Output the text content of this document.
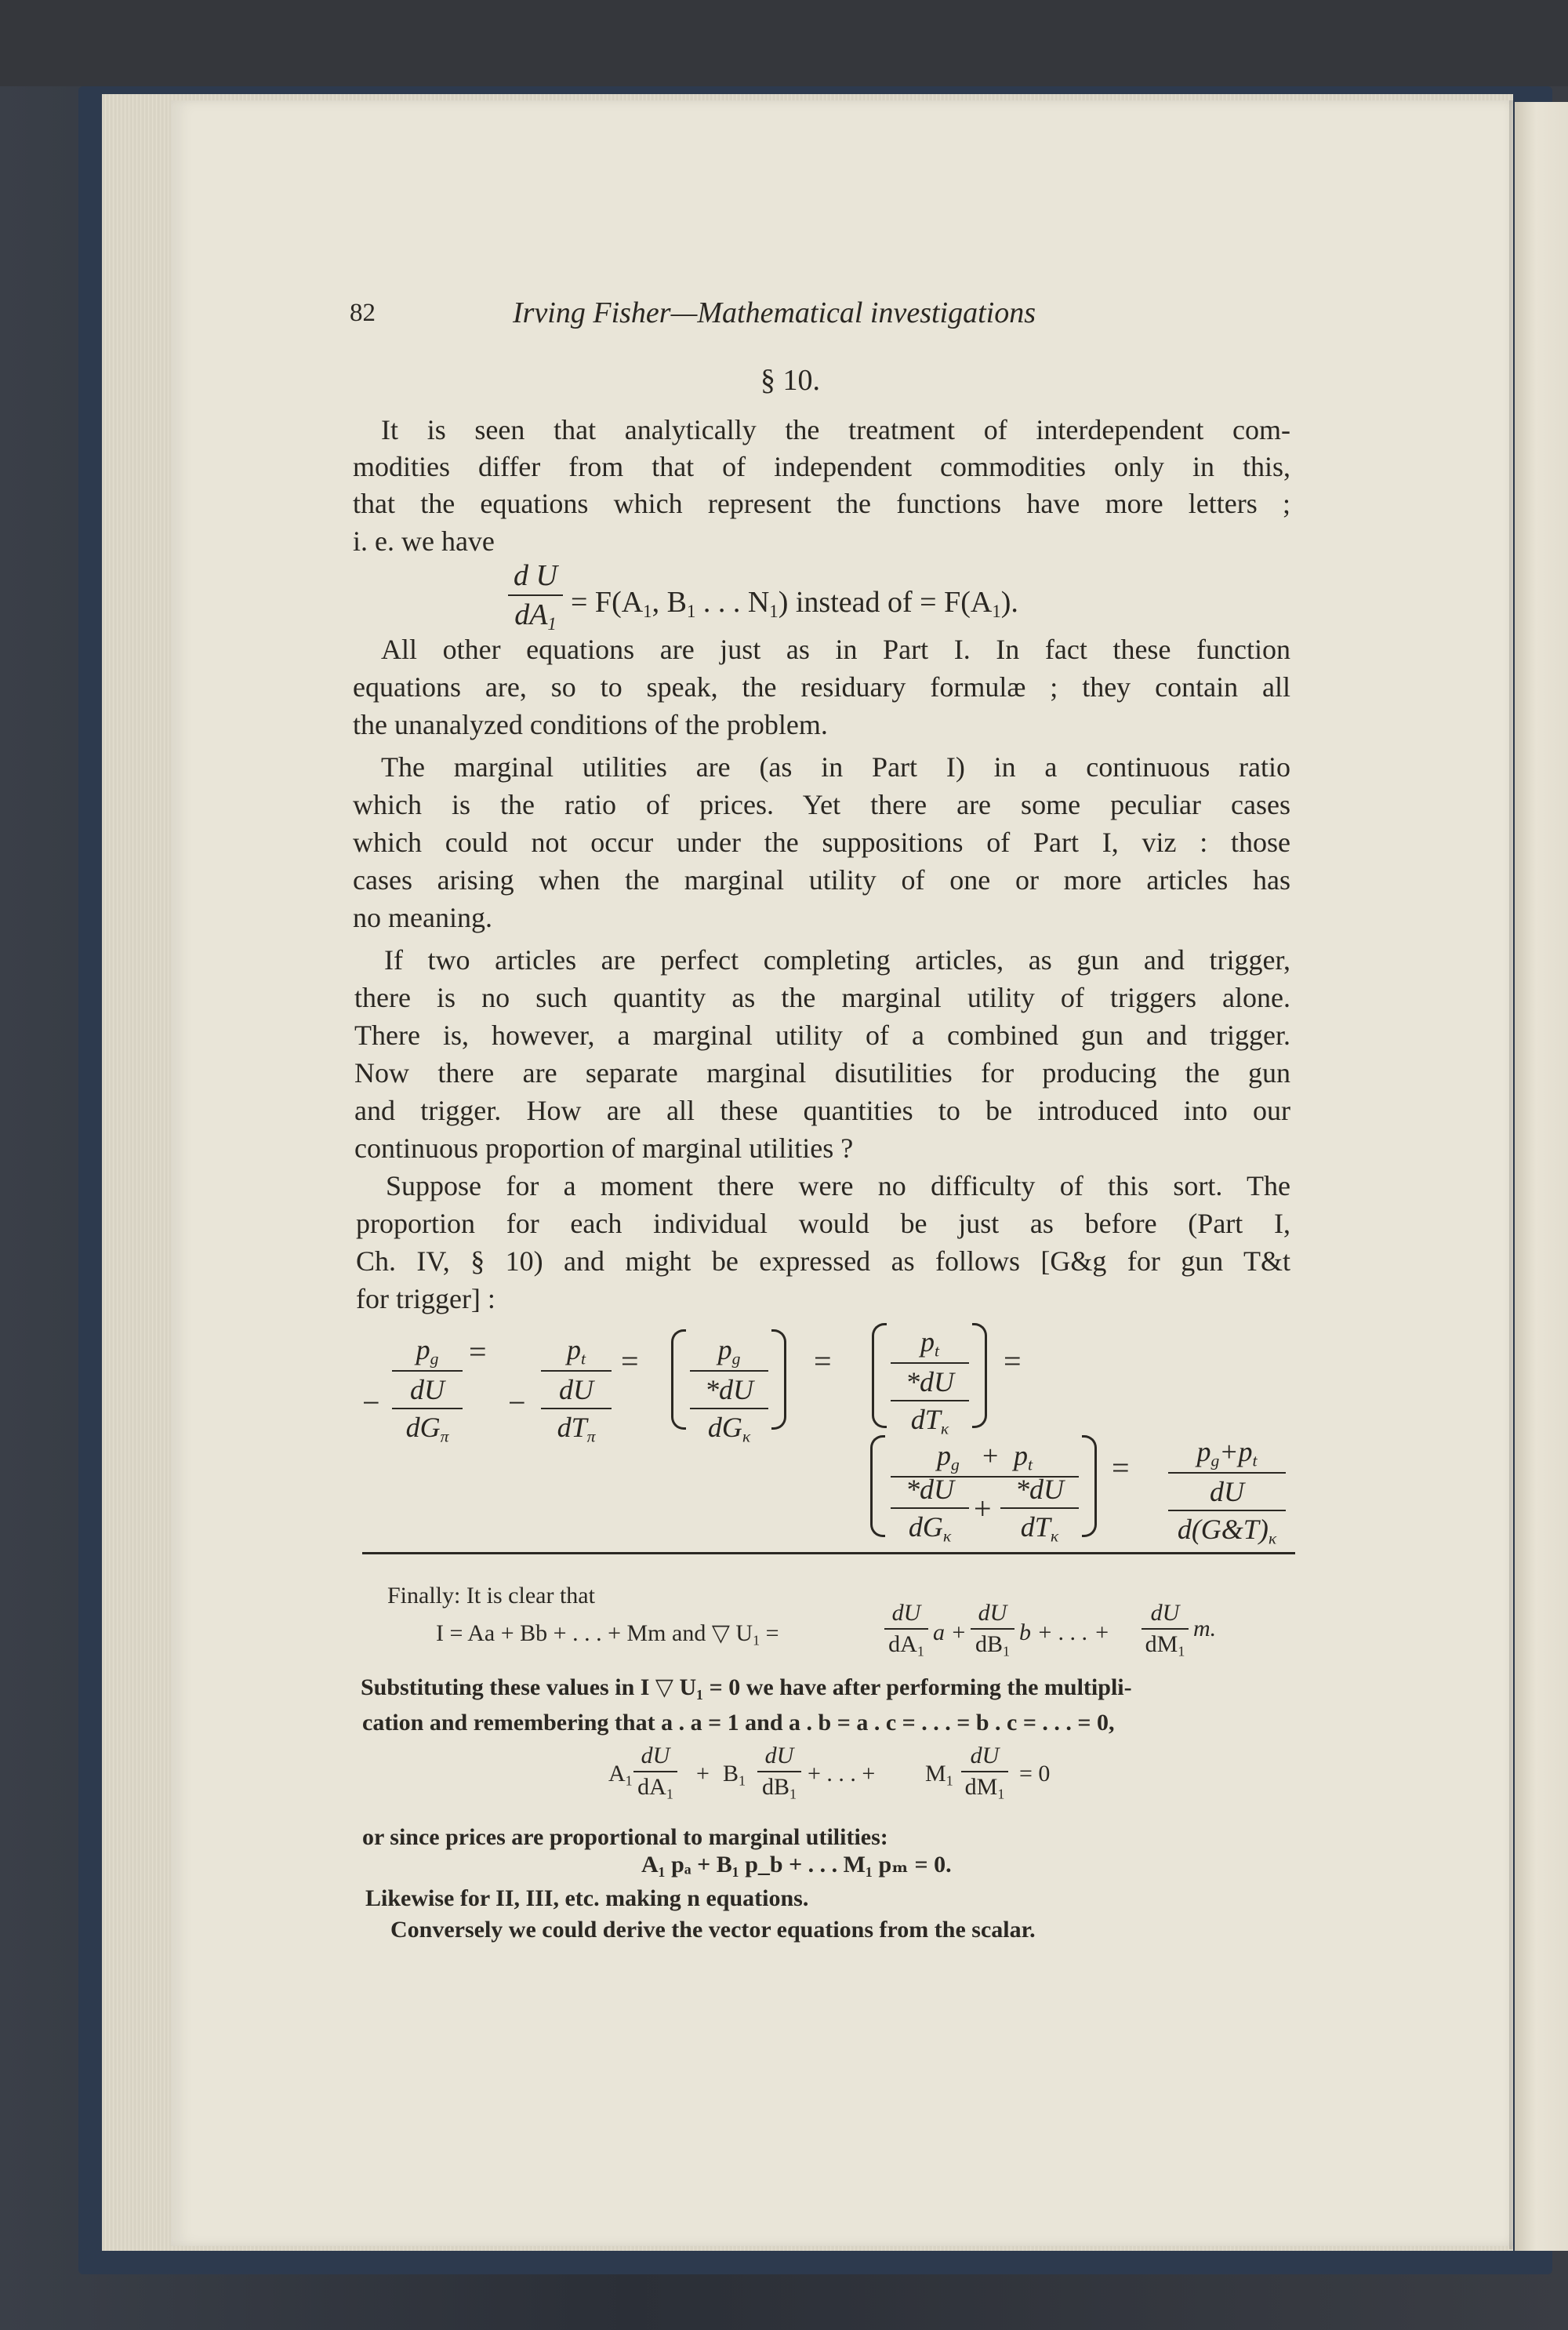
82	Irving Fisher—Mathematical investigations
§ 10.
It is seen that analytically the treatment of interdependent com-
modities differ from that of independent commodities only in this,
that the equations which represent the functions have more letters ;
i. e. we have
d U
$dA_1$
= $F(A_1$, $B_1$ . . . $N_1$) instead of = $F(A_1)$.
All other equations are just as in Part I. In fact these function
equations are, so to speak, the residuary formulæ ; they contain all
the unanalyzed conditions of the problem.
The marginal utilities are (as in Part I) in a continuous ratio
which is the ratio of prices. Yet there are some peculiar cases
which could not occur under the suppositions of Part I, viz : those
cases arising when the marginal utility of one or more articles has
no meaning.
If two articles are perfect completing articles, as gun and trigger,
there is no such quantity as the marginal utility of triggers alone.
There is, however, a marginal utility of a combined gun and trigger.
Now there are separate marginal disutilities for producing the gun
and trigger. How are all these quantities to be introduced into our
continuous proportion of marginal utilities ?
Suppose for a moment there were no difficulty of this sort. The
proportion for each individual would be just as before (Part I,
Ch. IV, § 10) and might be expressed as follows [G&g for gun T&t
for trigger] :
−
$p_g$
dU
$dG_\pi$
=
−
$p_t$
dU
$dT_\pi$
=	$p_g$
*dU
$dG_\kappa$
=
$p_t$
*dU
$dT_\kappa$
=
$p_g + p_t$
*dU
$dG_\kappa$
+
*dU
$dT_\kappa$
=	$p_g+p_t$
dU
$d(G\&T)_\kappa$
Finally: It is clear that
I = Aa + Bb + . . . + Mm and ▽ $U_1$ =
dU
$dA_1$
a +
dU
$dB_1$
b + . . . +
dU
$dM_1$
m.
Substituting these values in I ▽ U₁ = 0 we have after performing the multipli-
cation and remembering that a . a = 1 and a . b = a . c = . . . = b . c = . . . = 0,
$A_1$
dU
$dA_1$
+ $B_1$
dU
$dB_1$
+ . . . + $M_1$
dU
$dM_1$
= 0
or since prices are proportional to marginal utilities:
A₁ pₐ + B₁ p_b + . . . M₁ pₘ = 0.
Likewise for II, III, etc. making n equations.
Conversely we could derive the vector equations from the scalar.
